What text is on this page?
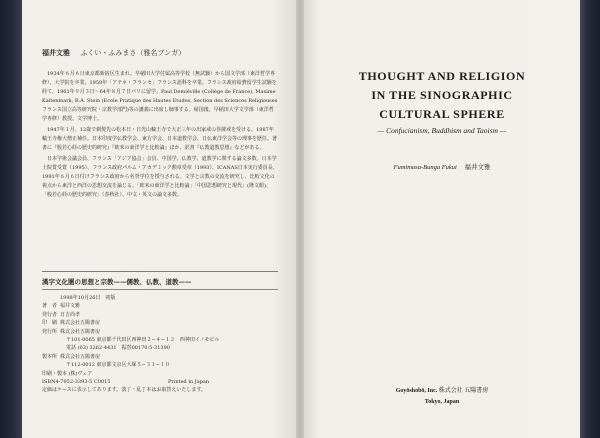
福井文雅 ふくい・ふみまさ（雅名ブンガ）

1934年６月６日東京都新宿区生まれ。早稲田大学付属高等学校（無試験）から国文学部（東洋哲学専修）、大学院を卒業。1959年「アテネ・フランセ」フランス語科を卒業。フランス政府給費留学生試験を経て、1961年９月３日～64年８月７日パリに留学。Paul Demiéville (Collège de France), Maxime Kaltenmark, R.A. Stein (Ecole Pratique des Hautes Etudes, Section des Sciences Religieuses フランス国立高等研究院・宗教学部門)等の講義に出席し師事する。帰国後、早稲田大学文学部（東洋哲学専修）教授。文学博士。

1947年１月、12歳で剃髪先の松本日・日光山輪王寺で大正三年の出家戒の菩薩戒を受ける。1987年輪王寺権大僧正補任。日本印度学仏教学会、東方学会、日本道教学会、日仏東洋学会等の理事を歴任。著書に『般若心経の歴史的研究』『欧米の東洋学と比較論』ほか、訳書『仏教道教思想』などがある。

日本学術会議会員、フランス「アジア協会」会員、中国学、仏教学、道教学に関する論文多数。日本学士院賞受賞（1995）、フランス政府パルム・アカデミック勲章受章（1993）、ICANAS日本実行委員長、1991年６月６日付けフランス政府から名誉学位を授与される。文学と宗教の交流を研究し、比較文化の視点から東洋と西洋の思想交流を論じる。「欧米の東洋学と比較論」「中国思想研究と現代」(隆文館)、「般若心経の歴史的研究」（春秋社）、中文・英文の論文多数。

漢字文化圏の思想と宗教——儒教、仏教、道教——
1998年10月26日　初版
著　者 福井文雅
発行者 日吉尚孝
印　刷 株式会社五陽書房
発行所 株式会社五陽書房
〒101-0065 東京都千代田区西神田２−４−１２　西神田イノモビル
電話 (03) 3262-4431　振替00170-5-31390
製本所 株式会社五陽書房
〒112-0012 東京都文京区大塚５−３１−１０
印刷・製本 (株)ヴェア
ISBN4-7952-3393-5 C0015	Printed in Japan
定価はケースに表示してあります。落丁・乱丁本はお取替えいたします。
THOUGHT AND RELIGION
IN THE SINOGRAPHIC
CULTURAL SPHERE
— Confucianism, Buddhism and Taoism —
Fumimasa-Bunga Fukui 福井文雅
Goyōshobō, Inc. 株式会社 五陽書房
Tokyo, Japan
